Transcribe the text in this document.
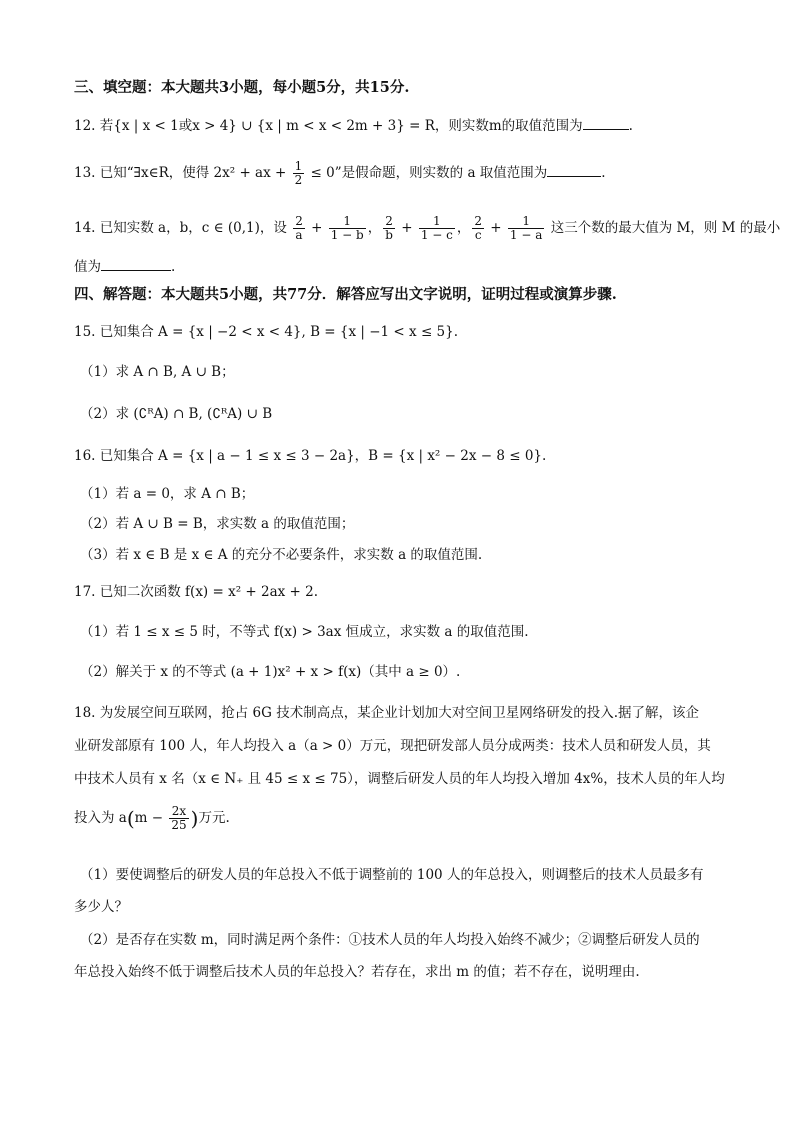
三、填空题：本大题共3小题，每小题5分，共15分.
12. 若{x | x < 1或x > 4} ∪ {x | m < x < 2m + 3} = R，则实数m的取值范围为	.
13. 已知“∃x∈R，使得 2x² + ax + $\frac{1}{2} \le 0$”是假命题，则实数的 a 取值范围为	.
14. 已知实数 a，b，c ∈ (0,1)，设 $\frac{2}{a} + \frac{1}{1 - b}$ ， $\frac{2}{b} + \frac{1}{1 - c}$ ， $\frac{2}{c} + \frac{1}{1 - a}$ 这三个数的最大值为 M，则 M 的最小
值为	.
四、解答题：本大题共5小题，共77分．解答应写出文字说明，证明过程或演算步骤.
15. 已知集合 A = {x | −2 < x < 4}, B = {x | −1 < x ≤ 5}.
（1）求 A ∩ B, A ∪ B；
（2）求 (∁ᴿA) ∩ B, (∁ᴿA) ∪ B
16. 已知集合 A = {x | a − 1 ≤ x ≤ 3 − 2a}，B = {x | x² − 2x − 8 ≤ 0}.
（1）若 a = 0，求 A ∩ B；
（2）若 A ∪ B = B，求实数 a 的取值范围；
（3）若 x ∈ B 是 x ∈ A 的充分不必要条件，求实数 a 的取值范围.
17. 已知二次函数 f(x) = x² + 2ax + 2.
（1）若 1 ≤ x ≤ 5 时，不等式 f(x) > 3ax 恒成立，求实数 a 的取值范围.
（2）解关于 x 的不等式 (a + 1)x² + x > f(x)（其中 a ≥ 0）.
18. 为发展空间互联网，抢占 6G 技术制高点，某企业计划加大对空间卫星网络研发的投入.据了解，该企
业研发部原有 100 人，年人均投入 a（a > 0）万元，现把研发部人员分成两类：技术人员和研发人员，其
中技术人员有 x 名（x ∈ N₊ 且 45 ≤ x ≤ 75），调整后研发人员的年人均投入增加 4x%，技术人员的年人均
投入为 $a(m - \frac{2x}{25}$ )万元.
（1）要使调整后的研发人员的年总投入不低于调整前的 100 人的年总投入，则调整后的技术人员最多有
多少人？
（2）是否存在实数 m，同时满足两个条件：①技术人员的年人均投入始终不减少；②调整后研发人员的
年总投入始终不低于调整后技术人员的年总投入？若存在，求出 m 的值；若不存在，说明理由.
